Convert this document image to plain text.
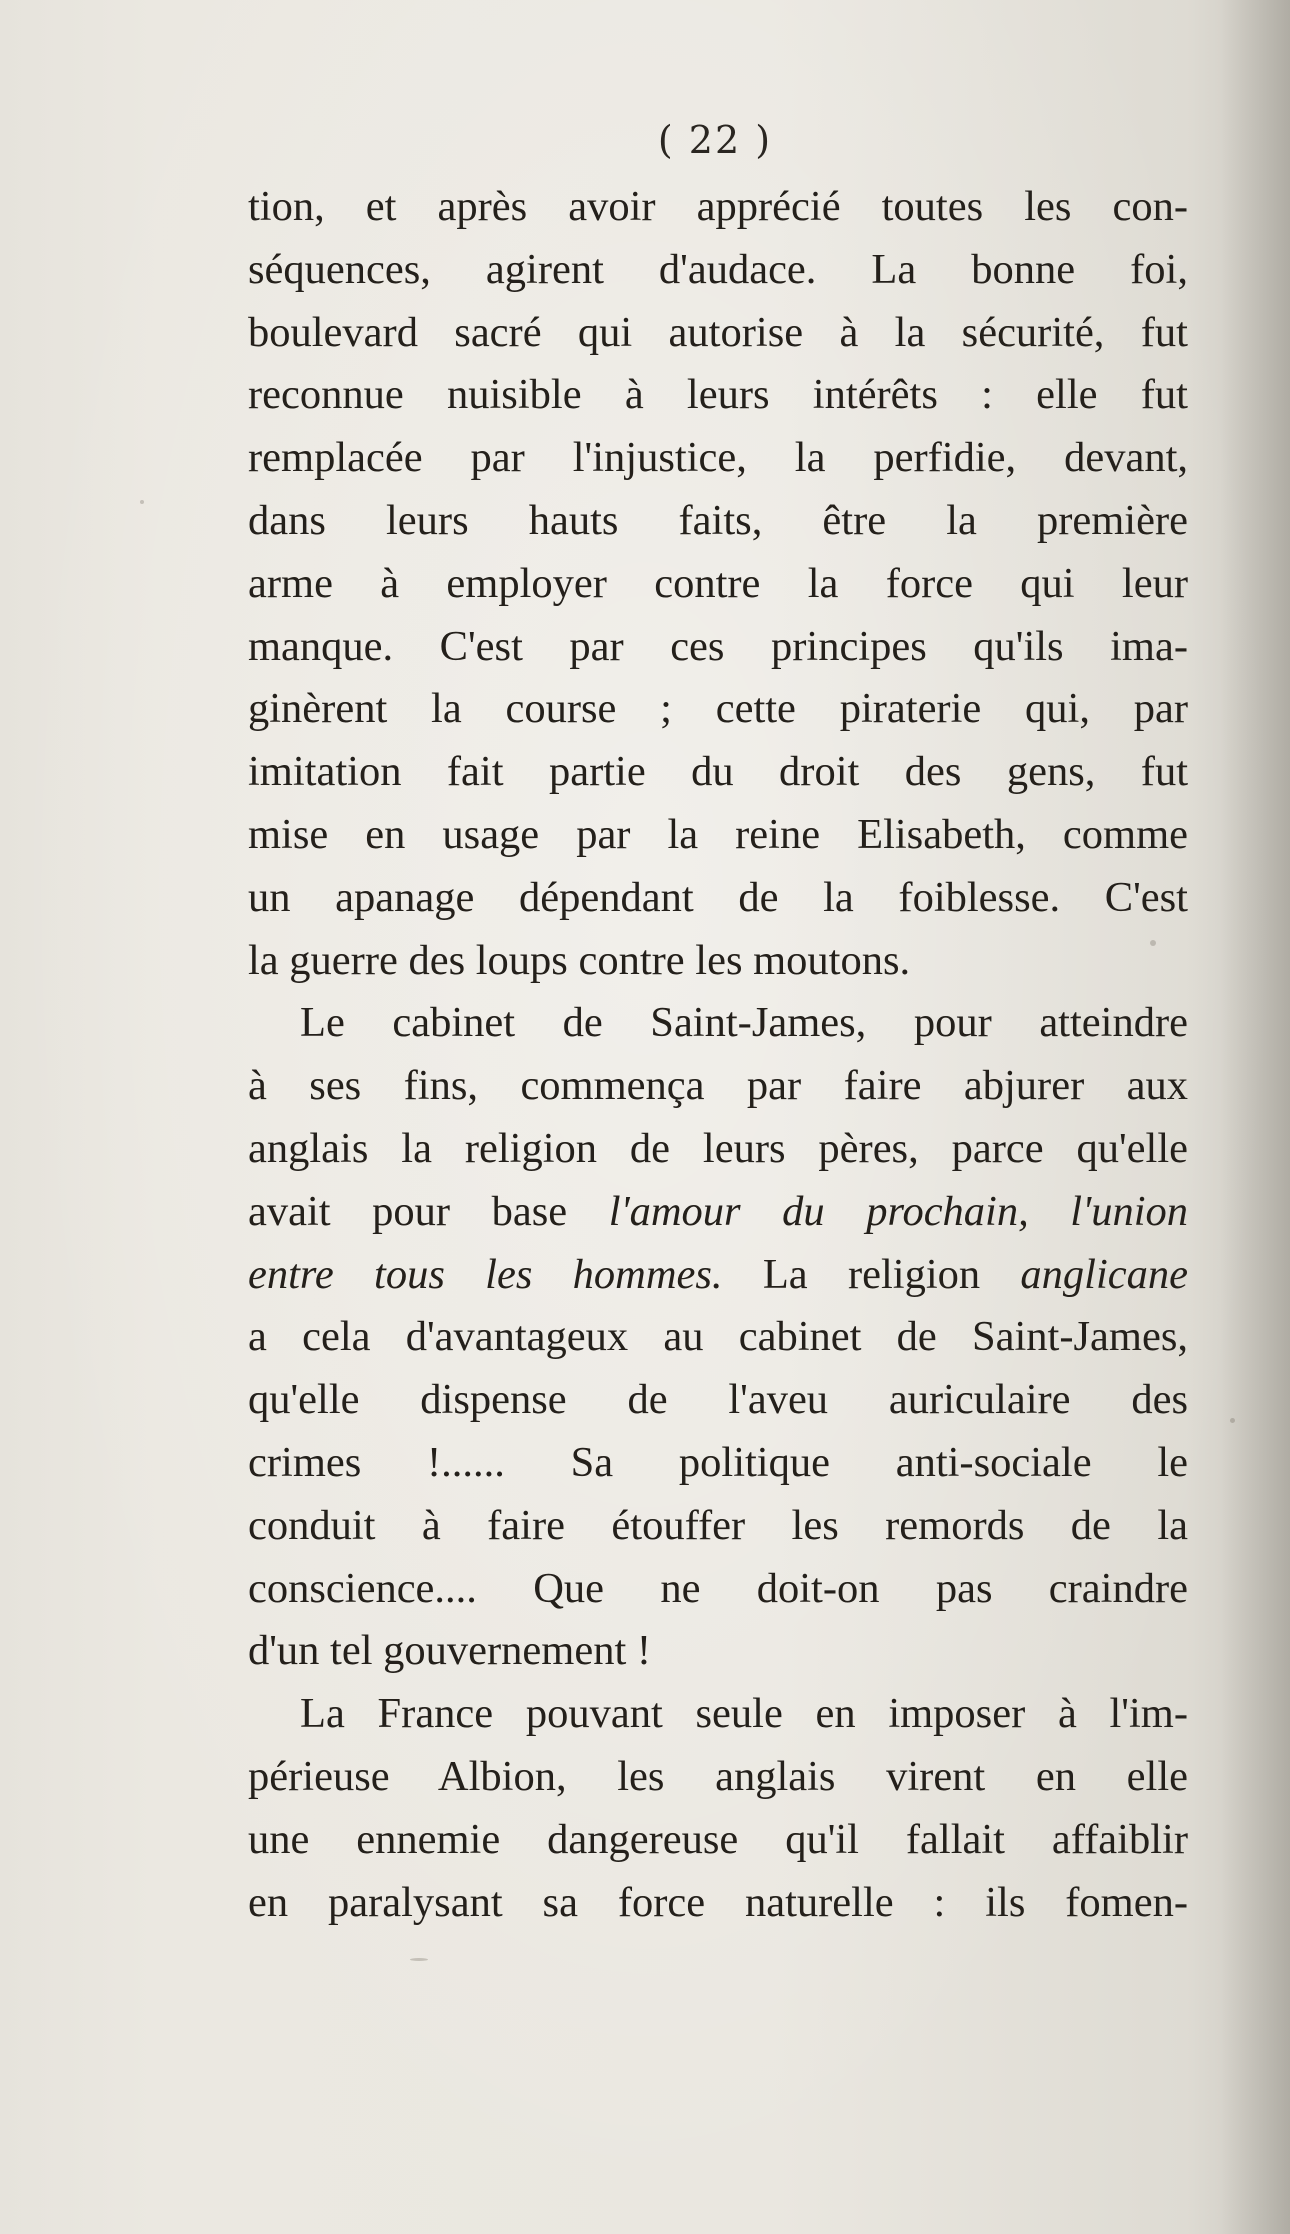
( 22 )
tion, et après avoir apprécié toutes les con-
séquences, agirent d'audace. La bonne foi,
boulevard sacré qui autorise à la sécurité, fut
reconnue nuisible à leurs intérêts : elle fut
remplacée par l'injustice, la perfidie, devant,
dans leurs hauts faits, être la première
arme à employer contre la force qui leur
manque. C'est par ces principes qu'ils ima-
ginèrent la course ; cette piraterie qui, par
imitation fait partie du droit des gens, fut
mise en usage par la reine Elisabeth, comme
un apanage dépendant de la foiblesse. C'est
la guerre des loups contre les moutons.
Le cabinet de Saint-James, pour atteindre
à ses fins, commença par faire abjurer aux
anglais la religion de leurs pères, parce qu'elle
avait pour base l'amour du prochain, l'union
entre tous les hommes. La religion anglicane
a cela d'avantageux au cabinet de Saint-James,
qu'elle dispense de l'aveu auriculaire des
crimes !...... Sa politique anti-sociale le
conduit à faire étouffer les remords de la
conscience.... Que ne doit-on pas craindre
d'un tel gouvernement !
La France pouvant seule en imposer à l'im-
périeuse Albion, les anglais virent en elle
une ennemie dangereuse qu'il fallait affaiblir
en paralysant sa force naturelle : ils fomen-
